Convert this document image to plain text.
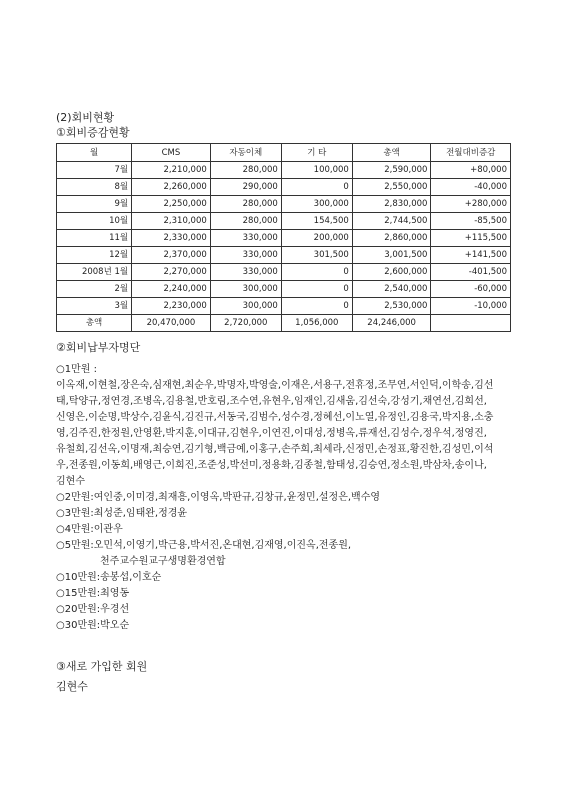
(2)회비현황
①회비증감현황
월	CMS	자동이체	기 타	총액	전월대비증감
7월	2,210,000	280,000	100,000	2,590,000	+80,000
8월	2,260,000	290,000	0	2,550,000	-40,000
9월	2,250,000	280,000	300,000	2,830,000	+280,000
10월	2,310,000	280,000	154,500	2,744,500	-85,500
11월	2,330,000	330,000	200,000	2,860,000	+115,500
12월	2,370,000	330,000	301,500	3,001,500	+141,500
2008년 1월	2,270,000	330,000	0	2,600,000	-401,500
2월	2,240,000	300,000	0	2,540,000	-60,000
3월	2,230,000	300,000	0	2,530,000	-10,000
총액	20,470,000	2,720,000	1,056,000	24,246,000	
②회비납부자명단

○1만원 :

이옥재,이현철,장은숙,심재현,최순우,박명자,박영술,이재은,서용구,전휴정,조무연,서인덕,이학송,김선태,탁양규,정연경,조병옥,김용철,반호림,조수연,유현우,임재인,김새움,김선숙,강성기,채연선,김희선,신영은,이순명,박상수,김윤식,김진규,서동국,김범수,성수경,정혜선,이노열,유정인,김용국,박지용,소충영,김주진,한정원,안영환,박지훈,이대규,김현우,이연진,이대성,정병옥,류재선,김성수,정우석,정영진,유철희,김선옥,이명재,최승연,김기형,백금예,이홍구,손주희,최세라,신정민,손정표,황진한,김성민,이석우,전종원,이동희,배영근,이희진,조준성,박선미,정용화,김종철,함태성,김승연,정소원,박삼차,송이나,김현수

○2만원:여인중,이미경,최재흥,이영옥,박판규,김창규,윤정민,설정은,백수영

○3만원:최성준,임태완,정경윤

○4만원:이관우

○5만원:오민석,이영기,박근용,박서진,온대현,김재영,이진옥,전종원,

천주교수원교구생명환경연합

○10만원:송봉섭,이호순

○15만원:최영동

○20만원:우경선

○30만원:박오순

③새로 가입한 회원
김현수
